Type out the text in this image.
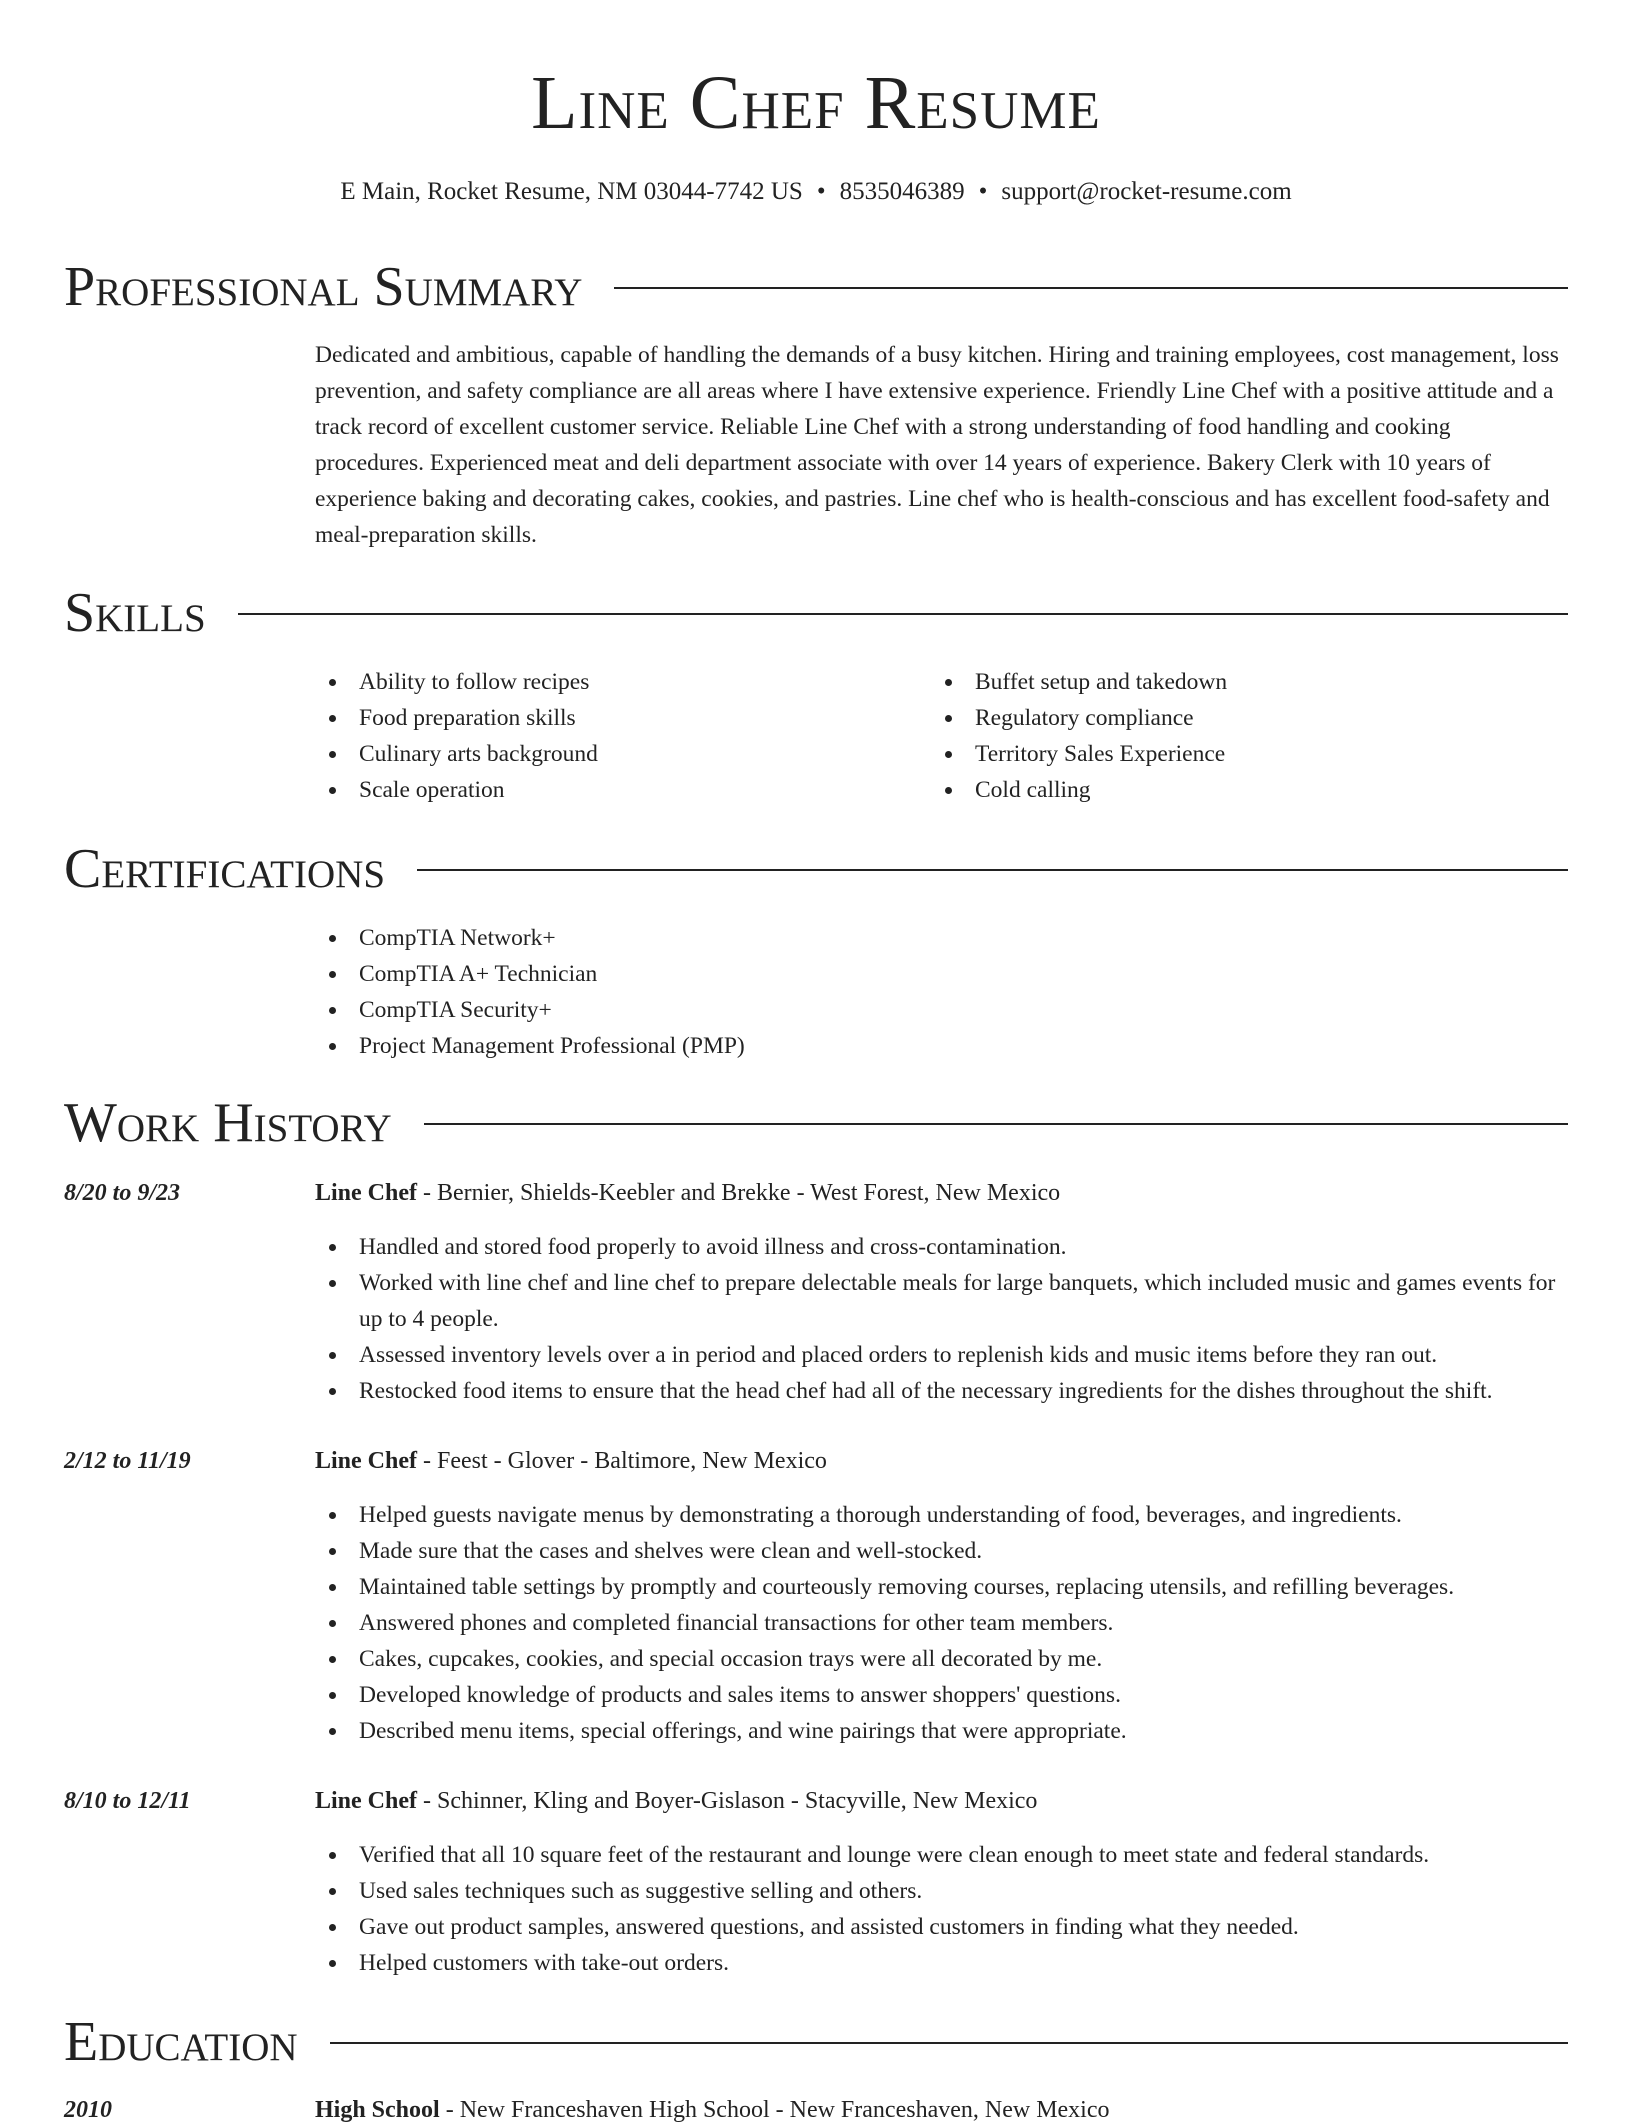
Line Chef Resume
E Main, Rocket Resume, NM 03044-7742 US • 8535046389 • support@rocket-resume.com
Professional Summary
Dedicated and ambitious, capable of handling the demands of a busy kitchen. Hiring and training employees, cost management, loss prevention, and safety compliance are all areas where I have extensive experience. Friendly Line Chef with a positive attitude and a track record of excellent customer service. Reliable Line Chef with a strong understanding of food handling and cooking procedures. Experienced meat and deli department associate with over 14 years of experience. Bakery Clerk with 10 years of experience baking and decorating cakes, cookies, and pastries. Line chef who is health-conscious and has excellent food-safety and meal-preparation skills.
Skills
Ability to follow recipes
Food preparation skills
Culinary arts background
Scale operation
Buffet setup and takedown
Regulatory compliance
Territory Sales Experience
Cold calling
Certifications
CompTIA Network+
CompTIA A+ Technician
CompTIA Security+
Project Management Professional (PMP)
Work History
8/20 to 9/23	Line Chef - Bernier, Shields-Keebler and Brekke - West Forest, New Mexico
Handled and stored food properly to avoid illness and cross-contamination.
Worked with line chef and line chef to prepare delectable meals for large banquets, which included music and games events for up to 4 people.
Assessed inventory levels over a in period and placed orders to replenish kids and music items before they ran out.
Restocked food items to ensure that the head chef had all of the necessary ingredients for the dishes throughout the shift.
2/12 to 11/19	Line Chef - Feest - Glover - Baltimore, New Mexico
Helped guests navigate menus by demonstrating a thorough understanding of food, beverages, and ingredients.
Made sure that the cases and shelves were clean and well-stocked.
Maintained table settings by promptly and courteously removing courses, replacing utensils, and refilling beverages.
Answered phones and completed financial transactions for other team members.
Cakes, cupcakes, cookies, and special occasion trays were all decorated by me.
Developed knowledge of products and sales items to answer shoppers' questions.
Described menu items, special offerings, and wine pairings that were appropriate.
8/10 to 12/11	Line Chef - Schinner, Kling and Boyer-Gislason - Stacyville, New Mexico
Verified that all 10 square feet of the restaurant and lounge were clean enough to meet state and federal standards.
Used sales techniques such as suggestive selling and others.
Gave out product samples, answered questions, and assisted customers in finding what they needed.
Helped customers with take-out orders.
Education
2010	High School - New Franceshaven High School - New Franceshaven, New Mexico
